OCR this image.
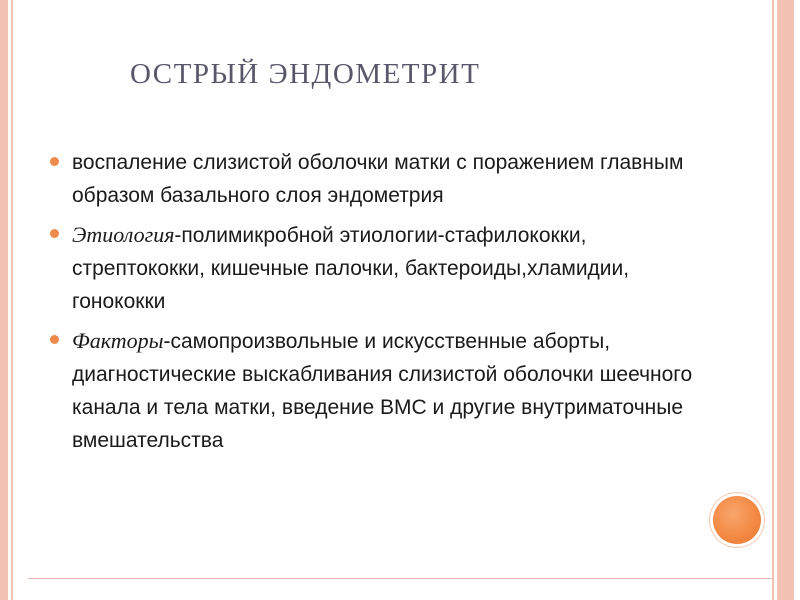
ОСТРЫЙ ЭНДОМЕТРИТ
воспаление слизистой оболочки матки с поражением главным образом базального слоя эндометрия
Этиология-полимикробной этиологии-стафилококки, стрептококки, кишечные палочки, бактероиды,хламидии, гонококки
Факторы-самопроизвольные и искусственные аборты, диагностические выскабливания слизистой оболочки шеечного канала и тела матки, введение ВМС и другие внутриматочные вмешательства
